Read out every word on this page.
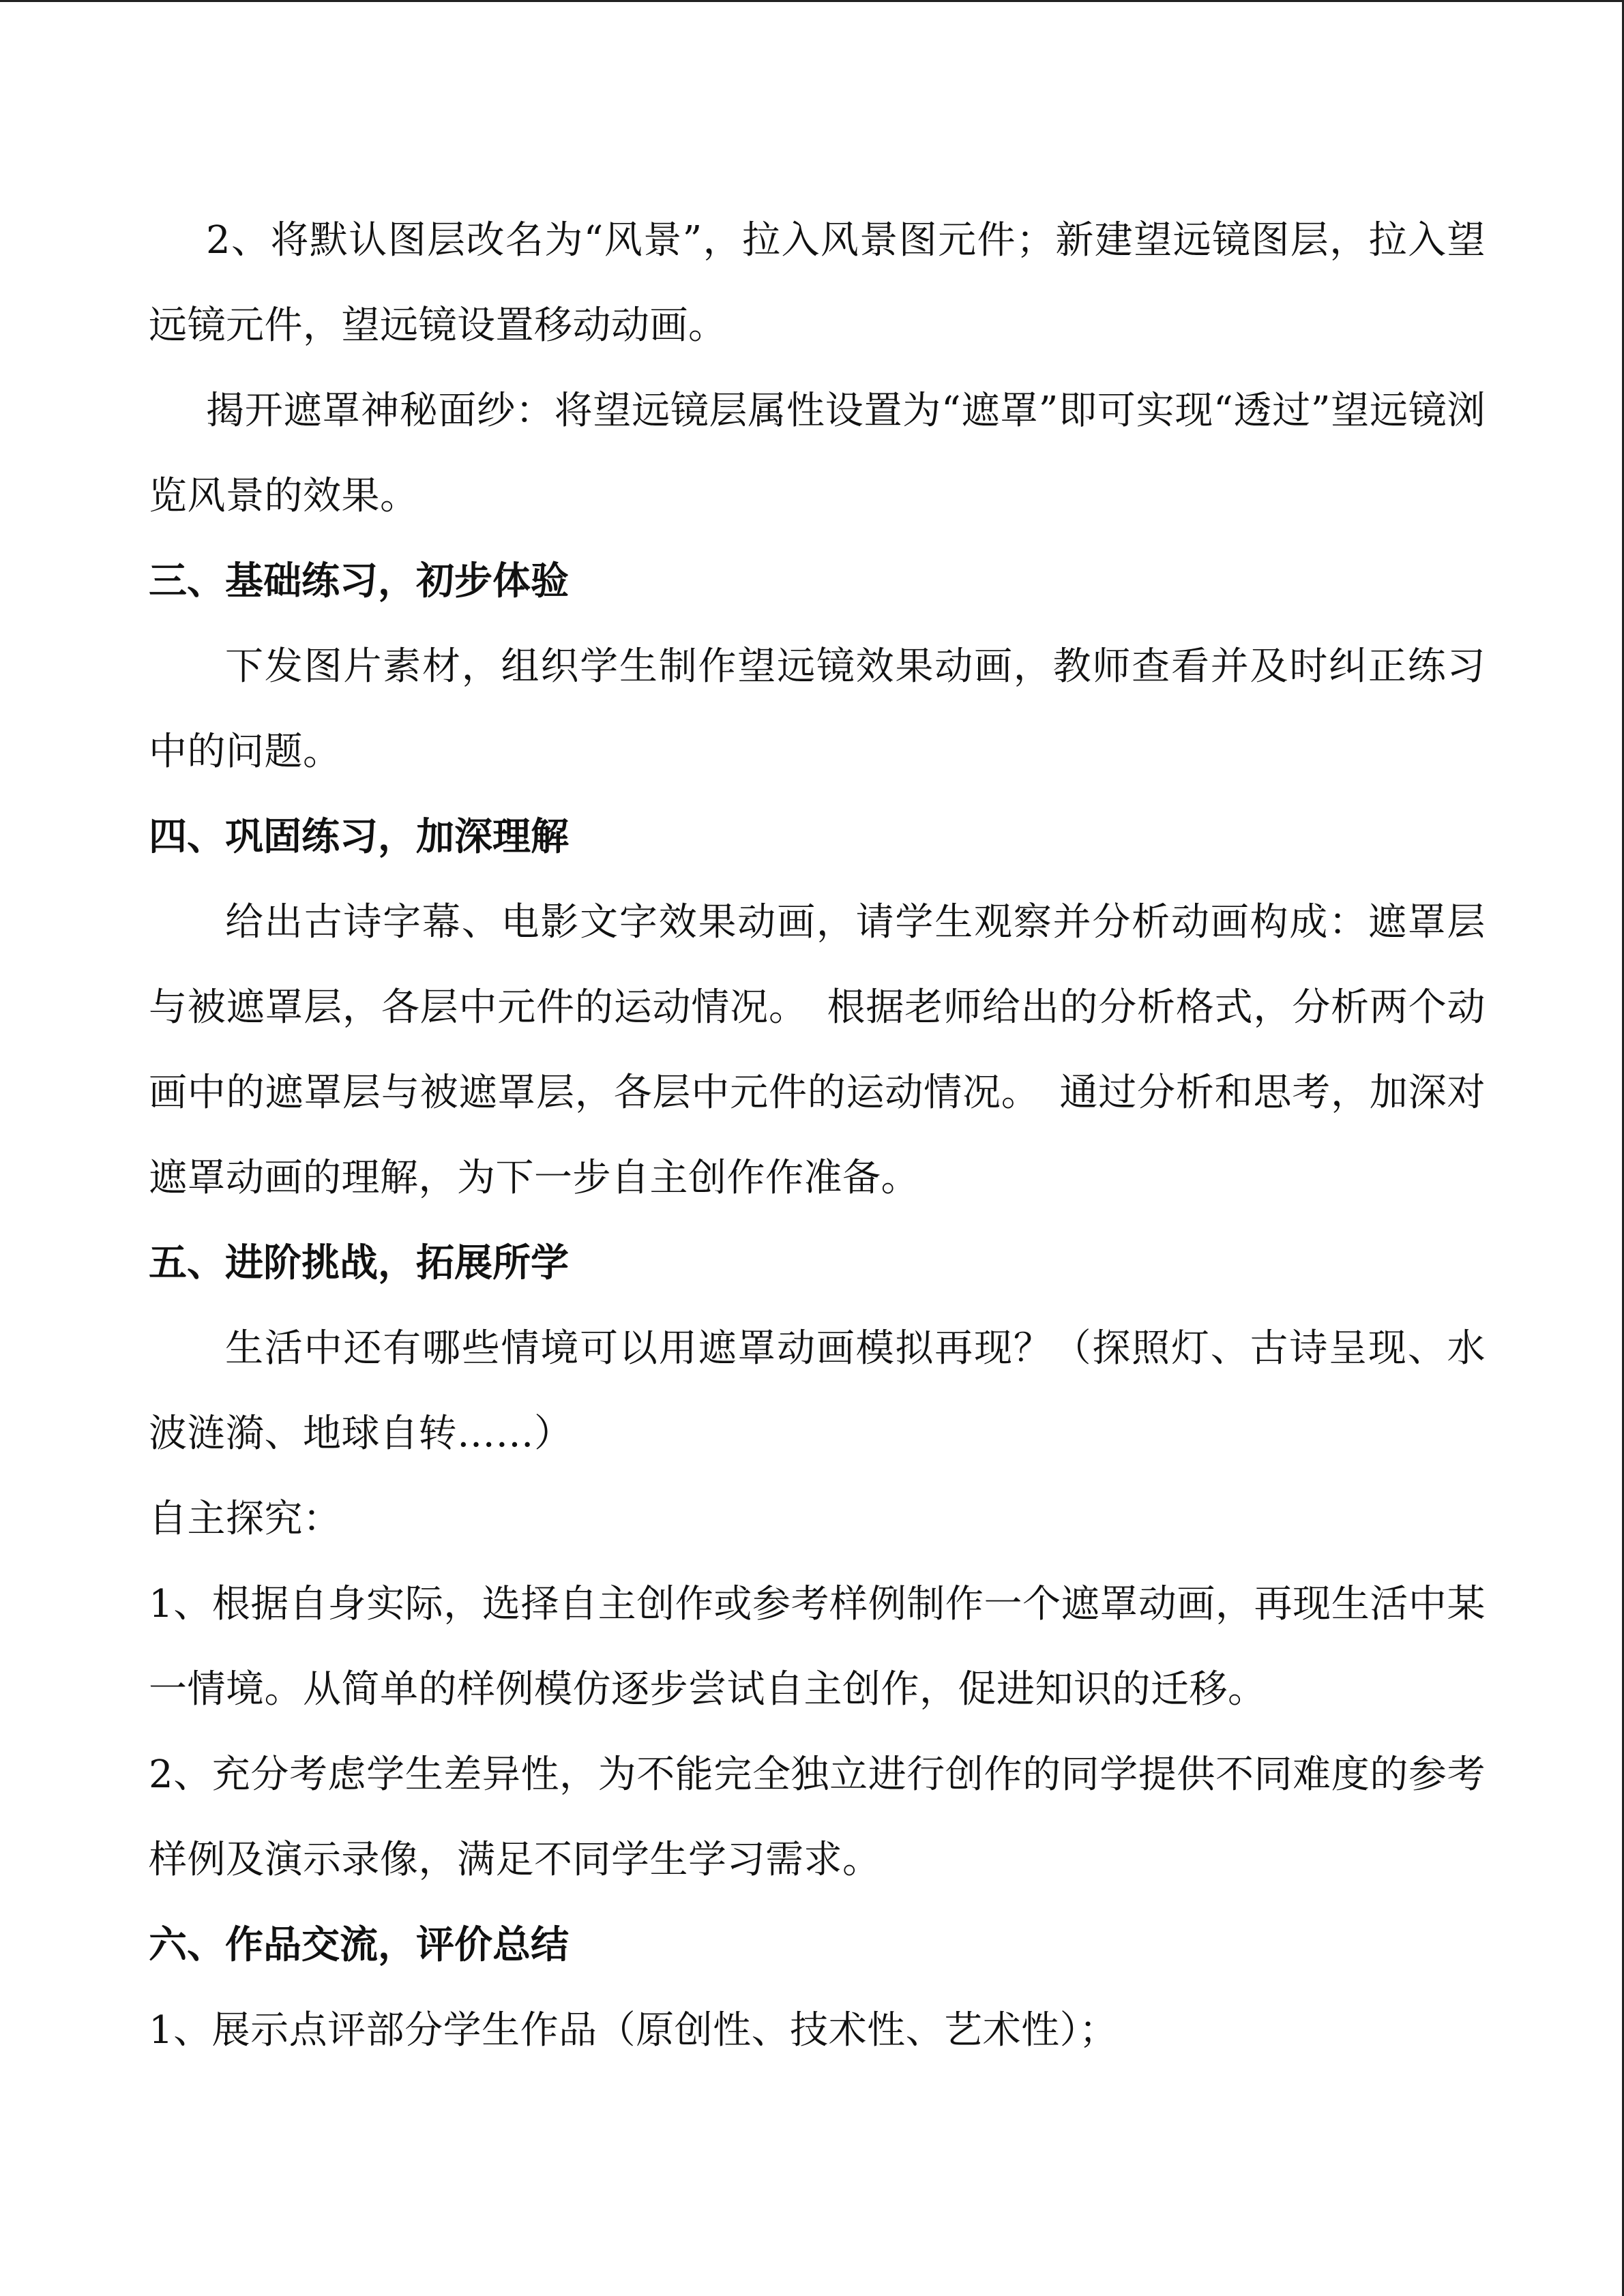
2、将默认图层改名为“风景”，拉入风景图元件；新建望远镜图层，拉入望远镜元件，望远镜设置移动动画。

揭开遮罩神秘面纱：将望远镜层属性设置为“遮罩”即可实现“透过”望远镜浏览风景的效果。

三、基础练习，初步体验

下发图片素材，组织学生制作望远镜效果动画，教师查看并及时纠正练习中的问题。

四、巩固练习，加深理解

给出古诗字幕、电影文字效果动画，请学生观察并分析动画构成：遮罩层与被遮罩层，各层中元件的运动情况。　根据老师给出的分析格式，分析两个动画中的遮罩层与被遮罩层，各层中元件的运动情况。　通过分析和思考，加深对遮罩动画的理解，为下一步自主创作作准备。

五、进阶挑战，拓展所学

生活中还有哪些情境可以用遮罩动画模拟再现？（探照灯、古诗呈现、水波涟漪、地球自转……）

自主探究：

1、根据自身实际，选择自主创作或参考样例制作一个遮罩动画，再现生活中某一情境。从简单的样例模仿逐步尝试自主创作，促进知识的迁移。

2、充分考虑学生差异性，为不能完全独立进行创作的同学提供不同难度的参考样例及演示录像，满足不同学生学习需求。

六、作品交流，评价总结

1、展示点评部分学生作品（原创性、技术性、艺术性）；
